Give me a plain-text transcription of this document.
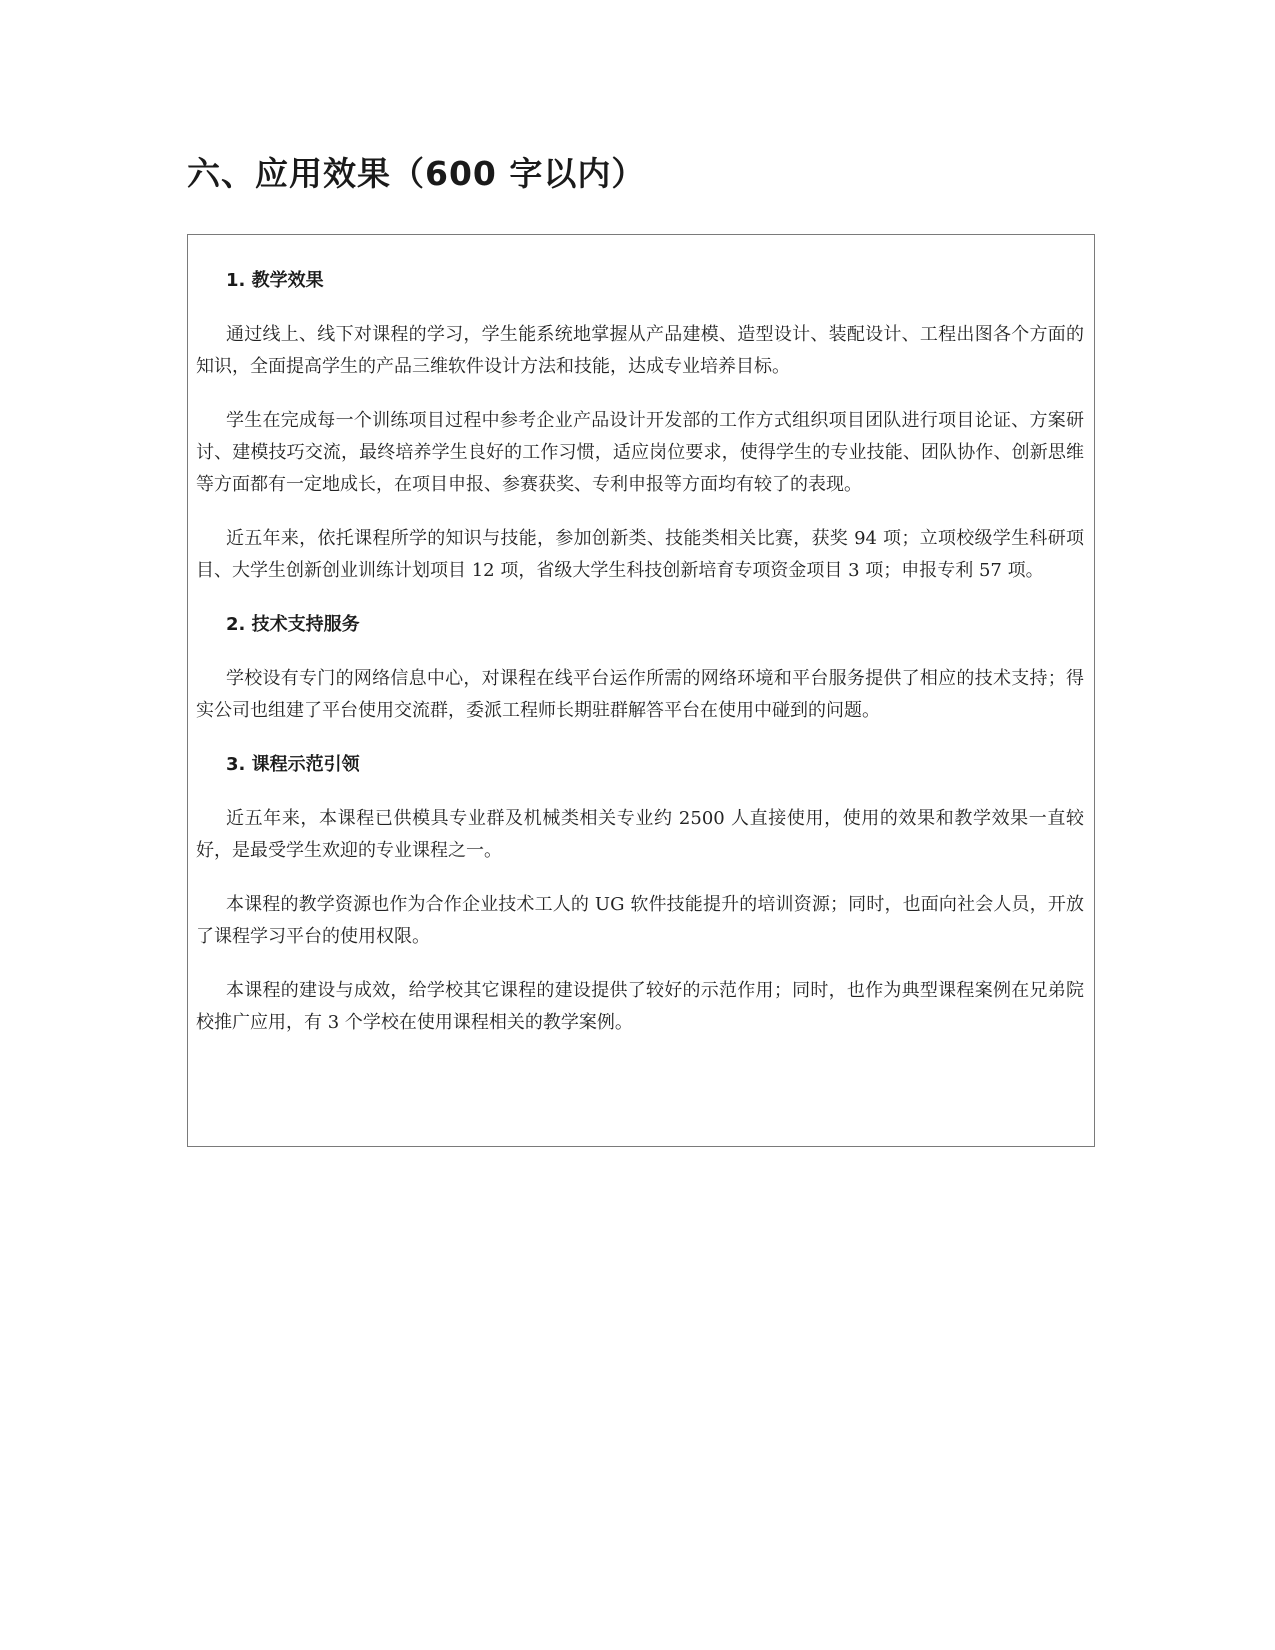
六、应用效果（600 字以内）
1. 教学效果

通过线上、线下对课程的学习，学生能系统地掌握从产品建模、造型设计、装配设计、工程出图各个方面的知识，全面提高学生的产品三维软件设计方法和技能，达成专业培养目标。

学生在完成每一个训练项目过程中参考企业产品设计开发部的工作方式组织项目团队进行项目论证、方案研讨、建模技巧交流，最终培养学生良好的工作习惯，适应岗位要求，使得学生的专业技能、团队协作、创新思维等方面都有一定地成长，在项目申报、参赛获奖、专利申报等方面均有较了的表现。

近五年来，依托课程所学的知识与技能，参加创新类、技能类相关比赛，获奖 94 项；立项校级学生科研项目、大学生创新创业训练计划项目 12 项，省级大学生科技创新培育专项资金项目 3 项；申报专利 57 项。

2. 技术支持服务

学校设有专门的网络信息中心，对课程在线平台运作所需的网络环境和平台服务提供了相应的技术支持；得实公司也组建了平台使用交流群，委派工程师长期驻群解答平台在使用中碰到的问题。

3. 课程示范引领

近五年来，本课程已供模具专业群及机械类相关专业约 2500 人直接使用，使用的效果和教学效果一直较好，是最受学生欢迎的专业课程之一。

本课程的教学资源也作为合作企业技术工人的 UG 软件技能提升的培训资源；同时，也面向社会人员，开放了课程学习平台的使用权限。

本课程的建设与成效，给学校其它课程的建设提供了较好的示范作用；同时，也作为典型课程案例在兄弟院校推广应用，有 3 个学校在使用课程相关的教学案例。
